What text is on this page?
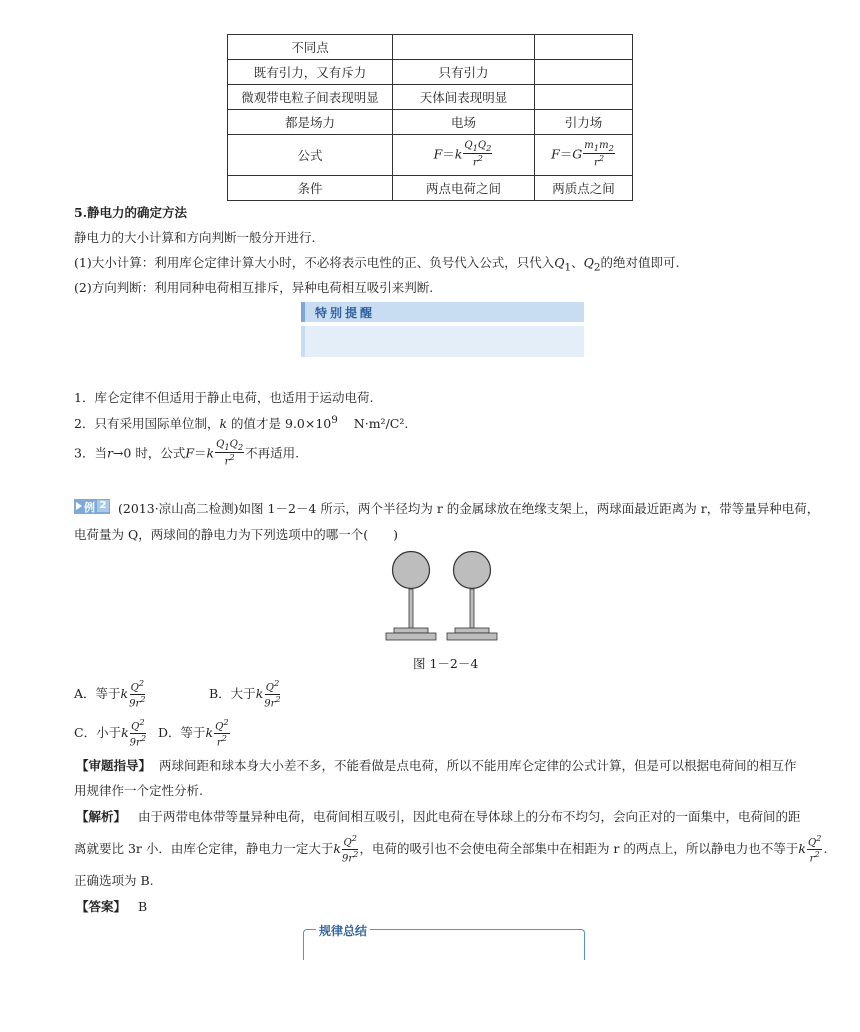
不同点		
既有引力，又有斥力	只有引力	
微观带电粒子间表现明显	天体间表现明显	
都是场力	电场	引力场
公式	$F=k \frac{Q_1Q_2}{r^2}$	$F=G \frac{m_1m_2}{r^2}$

条件	两点电荷之间	两质点之间
5.静电力的确定方法
静电力的大小计算和方向判断一般分开进行.
(1)大小计算：利用库仑定律计算大小时，不必将表示电性的正、负号代入公式，只代入$Q_1$、$Q_2$的绝对值即可.
(2)方向判断：利用同种电荷相互排斥，异种电荷相互吸引来判断.
特别提醒
1．库仑定律不但适用于静止电荷，也适用于运动电荷.
2．只有采用国际单位制，k 的值才是 $9.0\times 10^9$ N·m²/C².
3．当r→0 时，公式$F=k \frac{Q_1Q_2}{r^2}$ 不再适用.
例 2 (2013·凉山高二检测)如图 1－2－4 所示，两个半径均为 r 的金属球放在绝缘支架上，两球面最近距离为 r，带等量异种电荷，
电荷量为 Q，两球间的静电力为下列选项中的哪一个(　　)
图 1－2－4
A．等于k $\frac{Q^2}{9r^2}$	B．大于k $\frac{Q^2}{9r^2}$
C．小于k $\frac{Q^2}{9r^2}$ D．等于k $\frac{Q^2}{r^2}$
【审题指导】 两球间距和球本身大小差不多，不能看做是点电荷，所以不能用库仑定律的公式计算，但是可以根据电荷间的相互作
用规律作一个定性分析.
【解析】 由于两带电体带等量异种电荷，电荷间相互吸引，因此电荷在导体球上的分布不均匀，会向正对的一面集中，电荷间的距
离就要比 3r 小．由库仑定律，静电力一定大于k $\frac{Q^2}{9r^2}$ ，电荷的吸引也不会使电荷全部集中在相距为 r 的两点上，所以静电力也不等于k $\frac{Q^2}{r^2}$ .
正确选项为 B.
【答案】 B
规律总结
